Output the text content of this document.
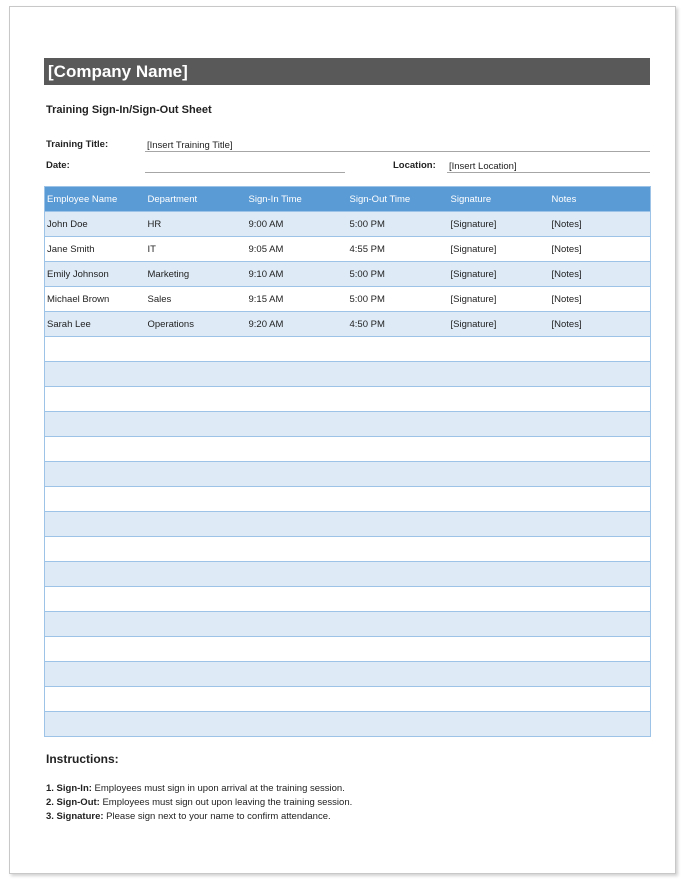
[Company Name]
Training Sign-In/Sign-Out Sheet
Training Title:	[Insert Training Title]
Date:	Location: [Insert Location]
Employee Name	Department	Sign-In Time	Sign-Out Time	Signature	Notes
John Doe	HR	9:00 AM	5:00 PM	[Signature]	[Notes]
Jane Smith	IT	9:05 AM	4:55 PM	[Signature]	[Notes]
Emily Johnson	Marketing	9:10 AM	5:00 PM	[Signature]	[Notes]
Michael Brown	Sales	9:15 AM	5:00 PM	[Signature]	[Notes]
Sarah Lee	Operations	9:20 AM	4:50 PM	[Signature]	[Notes]

Instructions:
1. Sign-In: Employees must sign in upon arrival at the training session.
2. Sign-Out: Employees must sign out upon leaving the training session.
3. Signature: Please sign next to your name to confirm attendance.
